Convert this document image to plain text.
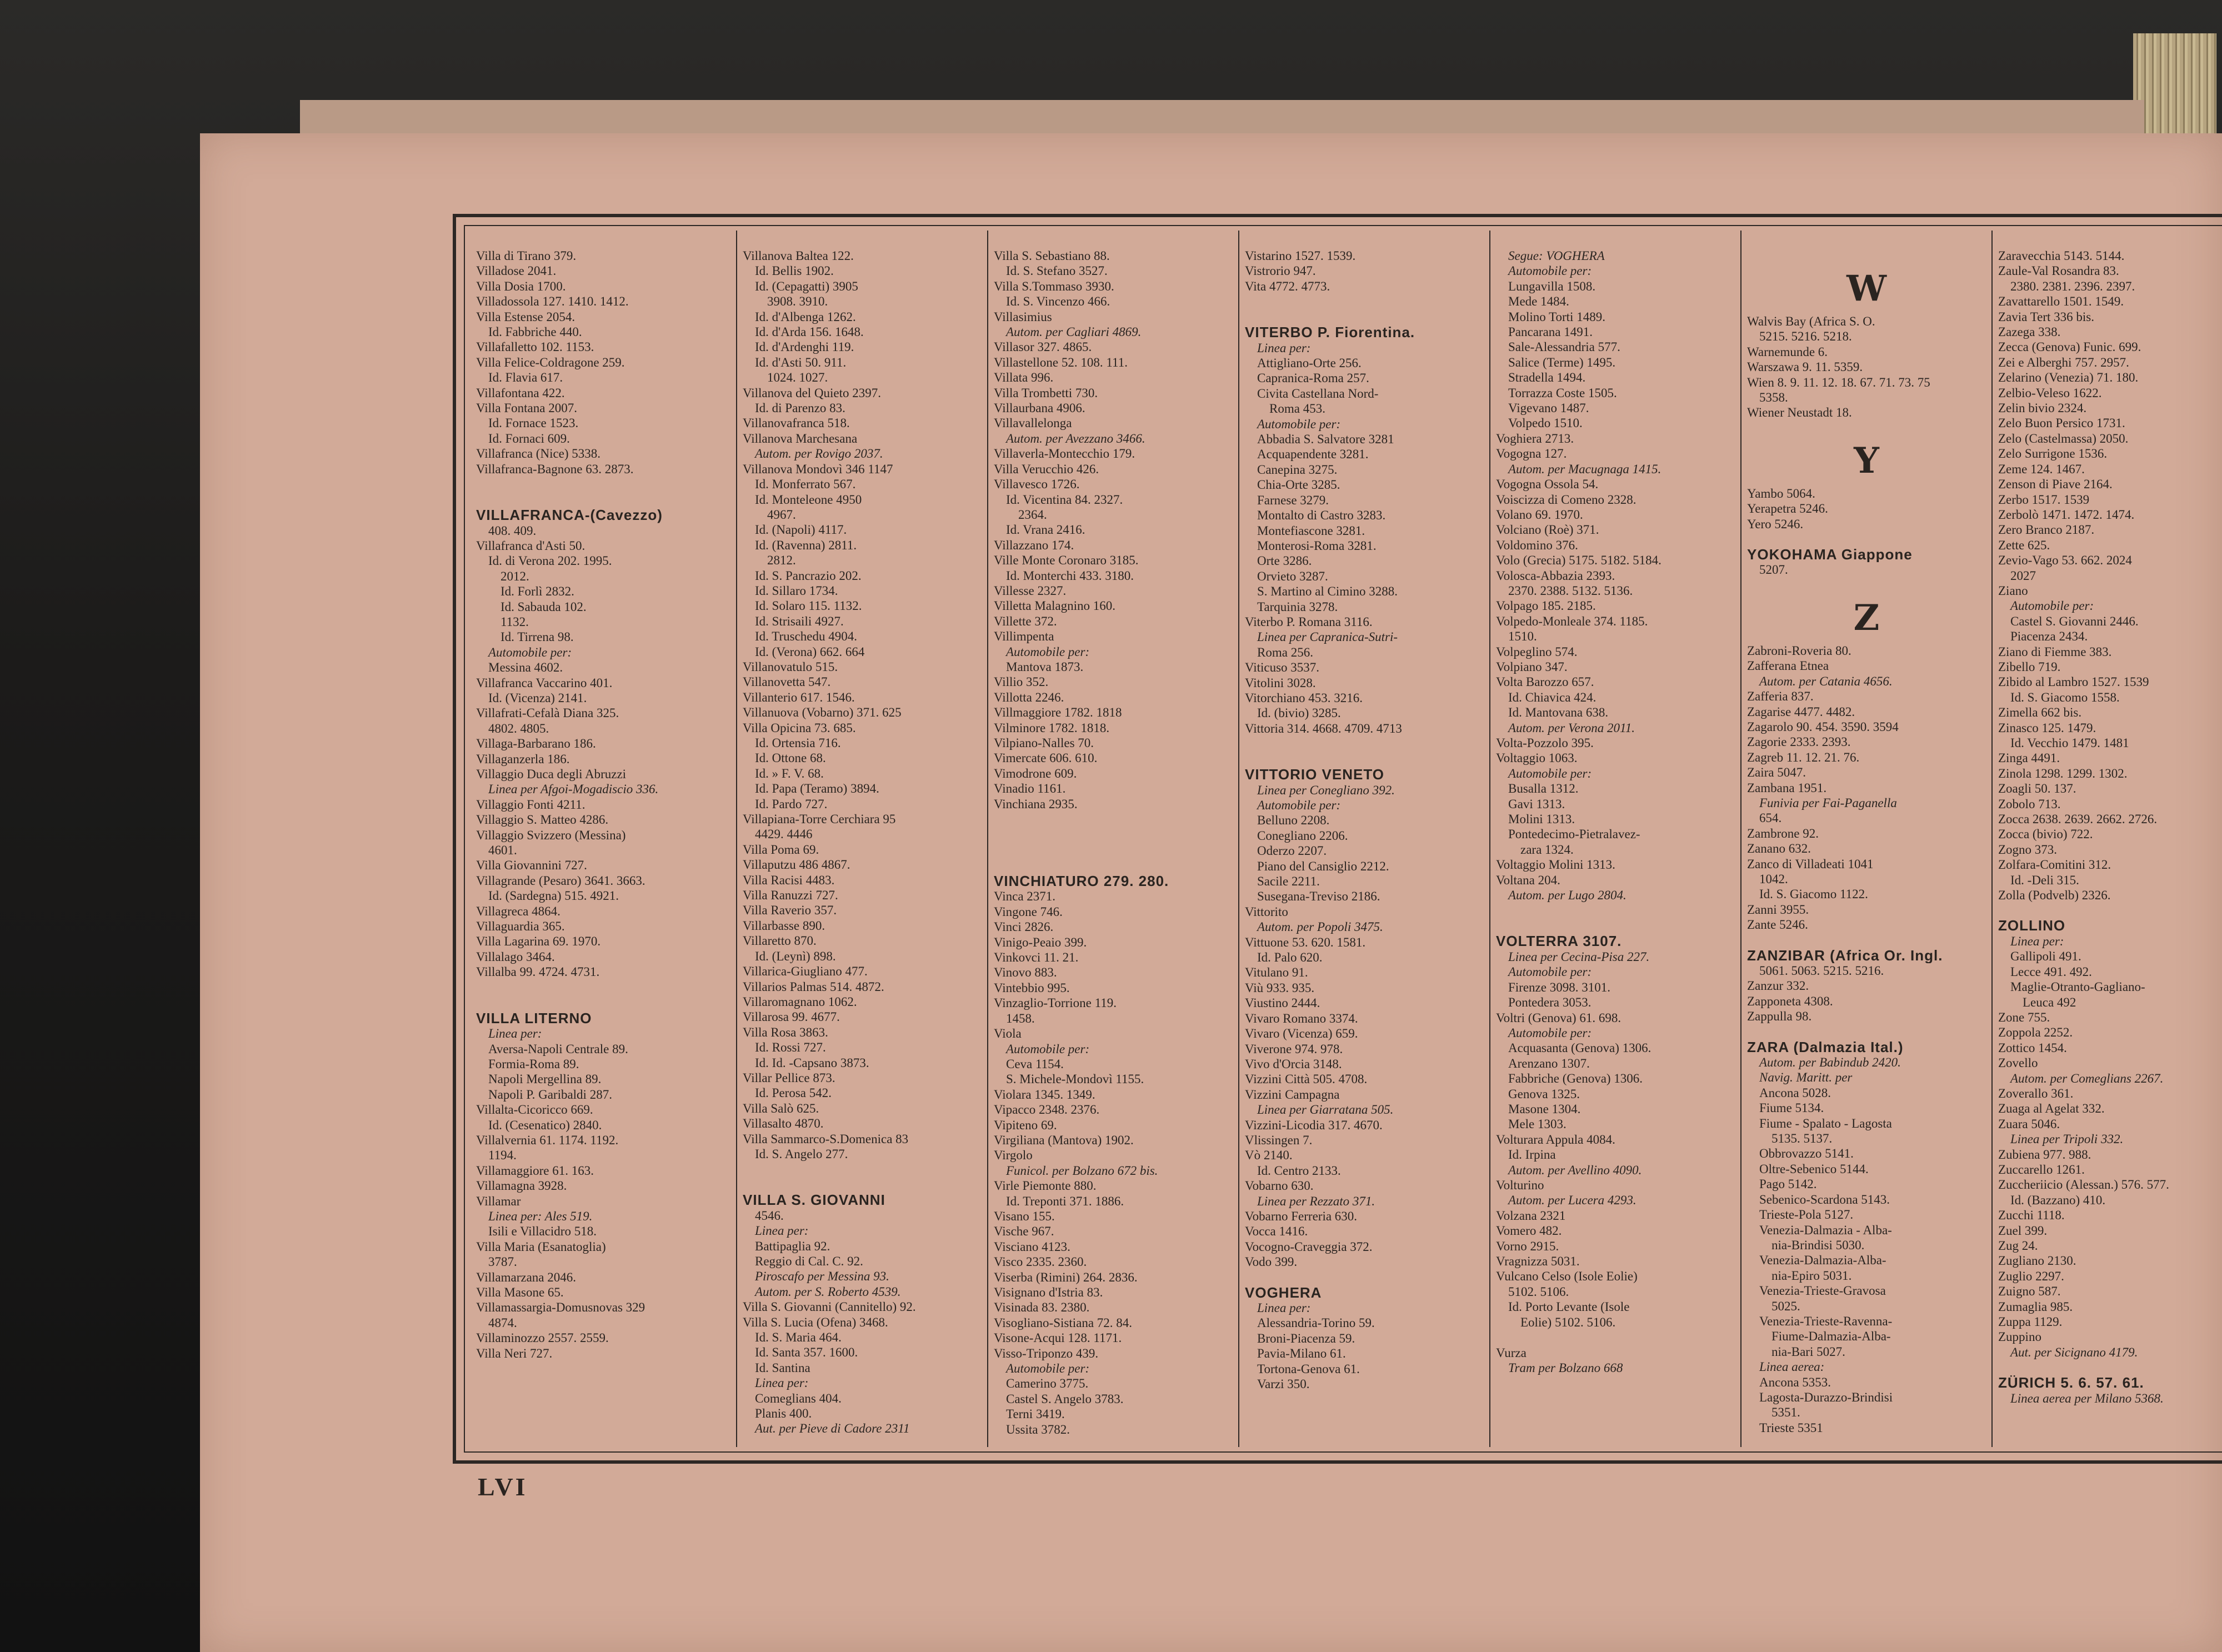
Villa di Tirano 379.
Villadose 2041.
Villa Dosia 1700.
Villadossola 127. 1410. 1412.
Villa Estense 2054.
Id. Fabbriche 440.
Villafalletto 102. 1153.
Villa Felice-Coldragone 259.
Id. Flavia 617.
Villafontana 422.
Villa Fontana 2007.
Id. Fornace 1523.
Id. Fornaci 609.
Villafranca (Nice) 5338.
Villafranca-Bagnone 63. 2873.

VILLAFRANCA-(Cavezzo)
408. 409.
Villafranca d'Asti 50.
Id. di Verona 202. 1995.
2012.
Id. Forlì 2832.
Id. Sabauda 102.
1132.
Id. Tirrena 98.
Automobile per:
Messina 4602.
Villafranca Vaccarino 401.
Id. (Vicenza) 2141.
Villafrati-Cefalà Diana 325.
4802. 4805.
Villaga-Barbarano 186.
Villaganzerla 186.
Villaggio Duca degli Abruzzi
Linea per Afgoi-Mogadiscio 336.
Villaggio Fonti 4211.
Villaggio S. Matteo 4286.
Villaggio Svizzero (Messina)
4601.
Villa Giovannini 727.
Villagrande (Pesaro) 3641. 3663.
Id. (Sardegna) 515. 4921.
Villagreca 4864.
Villaguardia 365.
Villa Lagarina 69. 1970.
Villalago 3464.
Villalba 99. 4724. 4731.

VILLA LITERNO
Linea per:
Aversa-Napoli Centrale 89.
Formia-Roma 89.
Napoli Mergellina 89.
Napoli P. Garibaldi 287.
Villalta-Cicoricco 669.
Id. (Cesenatico) 2840.
Villalvernia 61. 1174. 1192.
1194.
Villamaggiore 61. 163.
Villamagna 3928.
Villamar
Linea per: Ales 519.
Isili e Villacidro 518.
Villa Maria (Esanatoglia)
3787.
Villamarzana 2046.
Villa Masone 65.
Villamassargia-Domusnovas 329
4874.
Villaminozzo 2557. 2559.
Villa Neri 727.
Villanova Baltea 122.
Id. Bellis 1902.
Id. (Cepagatti) 3905
3908. 3910.
Id. d'Albenga 1262.
Id. d'Arda 156. 1648.
Id. d'Ardenghi 119.
Id. d'Asti 50. 911.
1024. 1027.
Villanova del Quieto 2397.
Id. di Parenzo 83.
Villanovafranca 518.
Villanova Marchesana
Autom. per Rovigo 2037.
Villanova Mondovì 346 1147
Id. Monferrato 567.
Id. Monteleone 4950
4967.
Id. (Napoli) 4117.
Id. (Ravenna) 2811.
2812.
Id. S. Pancrazio 202.
Id. Sillaro 1734.
Id. Solaro 115. 1132.
Id. Strisaili 4927.
Id. Truschedu 4904.
Id. (Verona) 662. 664
Villanovatulo 515.
Villanovetta 547.
Villanterio 617. 1546.
Villanuova (Vobarno) 371. 625
Villa Opicina 73. 685.
Id. Ortensia 716.
Id. Ottone 68.
Id. » F. V. 68.
Id. Papa (Teramo) 3894.
Id. Pardo 727.
Villapiana-Torre Cerchiara 95
4429. 4446
Villa Poma 69.
Villaputzu 486 4867.
Villa Racisi 4483.
Villa Ranuzzi 727.
Villa Raverio 357.
Villarbasse 890.
Villaretto 870.
Id. (Leynì) 898.
Villarica-Giugliano 477.
Villarios Palmas 514. 4872.
Villaromagnano 1062.
Villarosa 99. 4677.
Villa Rosa 3863.
Id. Rossi 727.
Id. Id. -Capsano 3873.
Villar Pellice 873.
Id. Perosa 542.
Villa Salò 625.
Villasalto 4870.
Villa Sammarco-S.Domenica 83
Id. S. Angelo 277.

VILLA S. GIOVANNI
4546.
Linea per:
Battipaglia 92.
Reggio di Cal. C. 92.
Piroscafo per Messina 93.
Autom. per S. Roberto 4539.
Villa S. Giovanni (Cannitello) 92.
Villa S. Lucia (Ofena) 3468.
Id. S. Maria 464.
Id. Santa 357. 1600.
Id. Santina
Linea per:
Comeglians 404.
Planis 400.
Aut. per Pieve di Cadore 2311
Villa S. Sebastiano 88.
Id. S. Stefano 3527.
Villa S.Tommaso 3930.
Id. S. Vincenzo 466.
Villasimius
Autom. per Cagliari 4869.
Villasor 327. 4865.
Villastellone 52. 108. 111.
Villata 996.
Villa Trombetti 730.
Villaurbana 4906.
Villavallelonga
Autom. per Avezzano 3466.
Villaverla-Montecchio 179.
Villa Verucchio 426.
Villavesco 1726.
Id. Vicentina 84. 2327.
2364.
Id. Vrana 2416.
Villazzano 174.
Ville Monte Coronaro 3185.
Id. Monterchi 433. 3180.
Villesse 2327.
Villetta Malagnino 160.
Villette 372.
Villimpenta
Automobile per:
Mantova 1873.
Villio 352.
Villotta 2246.
Villmaggiore 1782. 1818
Vilminore 1782. 1818.
Vilpiano-Nalles 70.
Vimercate 606. 610.
Vimodrone 609.
Vinadio 1161.
Vinchiana 2935.

VINCHIATURO 279. 280.
Vinca 2371.
Vingone 746.
Vinci 2826.
Vinigo-Peaio 399.
Vinkovci 11. 21.
Vinovo 883.
Vintebbio 995.
Vinzaglio-Torrione 119.
1458.
Viola
Automobile per:
Ceva 1154.
S. Michele-Mondovì 1155.
Violara 1345. 1349.
Vipacco 2348. 2376.
Vipiteno 69.
Virgiliana (Mantova) 1902.
Virgolo
Funicol. per Bolzano 672 bis.
Virle Piemonte 880.
Id. Treponti 371. 1886.
Visano 155.
Vische 967.
Visciano 4123.
Visco 2335. 2360.
Viserba (Rimini) 264. 2836.
Visignano d'Istria 83.
Visinada 83. 2380.
Visogliano-Sistiana 72. 84.
Visone-Acqui 128. 1171.
Visso-Triponzo 439.
Automobile per:
Camerino 3775.
Castel S. Angelo 3783.
Terni 3419.
Ussita 3782.
Vistarino 1527. 1539.
Vistrorio 947.
Vita 4772. 4773.

VITERBO P. Fiorentina.
Linea per:
Attigliano-Orte 256.
Capranica-Roma 257.
Civita Castellana Nord-
Roma 453.
Automobile per:
Abbadia S. Salvatore 3281
Acquapendente 3281.
Canepina 3275.
Chia-Orte 3285.
Farnese 3279.
Montalto di Castro 3283.
Montefiascone 3281.
Monterosi-Roma 3281.
Orte 3286.
Orvieto 3287.
S. Martino al Cimino 3288.
Tarquinia 3278.
Viterbo P. Romana 3116.
Linea per Capranica-Sutri-
Roma 256.
Viticuso 3537.
Vitolini 3028.
Vitorchiano 453. 3216.
Id. (bivio) 3285.
Vittoria 314. 4668. 4709. 4713

VITTORIO VENETO
Linea per Conegliano 392.
Automobile per:
Belluno 2208.
Conegliano 2206.
Oderzo 2207.
Piano del Cansiglio 2212.
Sacile 2211.
Susegana-Treviso 2186.
Vittorito
Autom. per Popoli 3475.
Vittuone 53. 620. 1581.
Id. Palo 620.
Vitulano 91.
Viù 933. 935.
Viustino 2444.
Vivaro Romano 3374.
Vivaro (Vicenza) 659.
Viverone 974. 978.
Vivo d'Orcia 3148.
Vizzini Città 505. 4708.
Vizzini Campagna
Linea per Giarratana 505.
Vizzini-Licodia 317. 4670.
Vlissingen 7.
Vò 2140.
Id. Centro 2133.
Vobarno 630.
Linea per Rezzato 371.
Vobarno Ferreria 630.
Vocca 1416.
Vocogno-Craveggia 372.
Vodo 399.

VOGHERA
Linea per:
Alessandria-Torino 59.
Broni-Piacenza 59.
Pavia-Milano 61.
Tortona-Genova 61.
Varzi 350.
Segue: VOGHERA
Automobile per:
Lungavilla 1508.
Mede 1484.
Molino Torti 1489.
Pancarana 1491.
Sale-Alessandria 577.
Salice (Terme) 1495.
Stradella 1494.
Torrazza Coste 1505.
Vigevano 1487.
Volpedo 1510.
Voghiera 2713.
Vogogna 127.
Autom. per Macugnaga 1415.
Vogogna Ossola 54.
Voiscizza di Comeno 2328.
Volano 69. 1970.
Volciano (Roè) 371.
Voldomino 376.
Volo (Grecia) 5175. 5182. 5184.
Volosca-Abbazia 2393.
2370. 2388. 5132. 5136.
Volpago 185. 2185.
Volpedo-Monleale 374. 1185.
1510.
Volpeglino 574.
Volpiano 347.
Volta Barozzo 657.
Id. Chiavica 424.
Id. Mantovana 638.
Autom. per Verona 2011.
Volta-Pozzolo 395.
Voltaggio 1063.
Automobile per:
Busalla 1312.
Gavi 1313.
Molini 1313.
Pontedecimo-Pietralavez-
zara 1324.
Voltaggio Molini 1313.
Voltana 204.
Autom. per Lugo 2804.

VOLTERRA 3107.
Linea per Cecina-Pisa 227.
Automobile per:
Firenze 3098. 3101.
Pontedera 3053.
Voltri (Genova) 61. 698.
Automobile per:
Acquasanta (Genova) 1306.
Arenzano 1307.
Fabbriche (Genova) 1306.
Genova 1325.
Masone 1304.
Mele 1303.
Volturara Appula 4084.
Id. Irpina
Autom. per Avellino 4090.
Volturino
Autom. per Lucera 4293.
Volzana 2321
Vomero 482.
Vorno 2915.
Vragnizza 5031.
Vulcano Celso (Isole Eolie)
5102. 5106.
Id. Porto Levante (Isole
Eolie) 5102. 5106.

Vurza
Tram per Bolzano 668

W
Walvis Bay (Africa S. O.
5215. 5216. 5218.
Warnemunde 6.
Warszawa 9. 11. 5359.
Wien 8. 9. 11. 12. 18. 67. 71. 73. 75
5358.
Wiener Neustadt 18.

Y
Yambo 5064.
Yerapetra 5246.
Yero 5246.

YOKOHAMA Giappone
5207.

Z
Zabroni-Roveria 80.
Zafferana Etnea
Autom. per Catania 4656.
Zafferia 837.
Zagarise 4477. 4482.
Zagarolo 90. 454. 3590. 3594
Zagorie 2333. 2393.
Zagreb 11. 12. 21. 76.
Zaira 5047.
Zambana 1951.
Funivia per Fai-Paganella
654.
Zambrone 92.
Zanano 632.
Zanco di Villadeati 1041
1042.
Id. S. Giacomo 1122.
Zanni 3955.
Zante 5246.

ZANZIBAR (Africa Or. Ingl.
5061. 5063. 5215. 5216.
Zanzur 332.
Zapponeta 4308.
Zappulla 98.

ZARA (Dalmazia Ital.)
Autom. per Babindub 2420.
Navig. Maritt. per
Ancona 5028.
Fiume 5134.
Fiume - Spalato - Lagosta
5135. 5137.
Obbrovazzo 5141.
Oltre-Sebenico 5144.
Pago 5142.
Sebenico-Scardona 5143.
Trieste-Pola 5127.
Venezia-Dalmazia - Alba-
nia-Brindisi 5030.
Venezia-Dalmazia-Alba-
nia-Epiro 5031.
Venezia-Trieste-Gravosa
5025.
Venezia-Trieste-Ravenna-
Fiume-Dalmazia-Alba-
nia-Bari 5027.
Linea aerea:
Ancona 5353.
Lagosta-Durazzo-Brindisi
5351.
Trieste 5351
Zaravecchia 5143. 5144.
Zaule-Val Rosandra 83.
2380. 2381. 2396. 2397.
Zavattarello 1501. 1549.
Zavia Tert 336 bis.
Zazega 338.
Zecca (Genova) Funic. 699.
Zei e Alberghi 757. 2957.
Zelarino (Venezia) 71. 180.
Zelbio-Veleso 1622.
Zelin bivio 2324.
Zelo Buon Persico 1731.
Zelo (Castelmassa) 2050.
Zelo Surrigone 1536.
Zeme 124. 1467.
Zenson di Piave 2164.
Zerbo 1517. 1539
Zerbolò 1471. 1472. 1474.
Zero Branco 2187.
Zette 625.
Zevio-Vago 53. 662. 2024
2027
Ziano
Automobile per:
Castel S. Giovanni 2446.
Piacenza 2434.
Ziano di Fiemme 383.
Zibello 719.
Zibido al Lambro 1527. 1539
Id. S. Giacomo 1558.
Zimella 662 bis.
Zinasco 125. 1479.
Id. Vecchio 1479. 1481
Zinga 4491.
Zinola 1298. 1299. 1302.
Zoagli 50. 137.
Zobolo 713.
Zocca 2638. 2639. 2662. 2726.
Zocca (bivio) 722.
Zogno 373.
Zolfara-Comitini 312.
Id. -Deli 315.
Zolla (Podvelb) 2326.

ZOLLINO
Linea per:
Gallipoli 491.
Lecce 491. 492.
Maglie-Otranto-Gagliano-
Leuca 492
Zone 755.
Zoppola 2252.
Zottico 1454.
Zovello
Autom. per Comeglians 2267.
Zoverallo 361.
Zuaga al Agelat 332.
Zuara 5046.
Linea per Tripoli 332.
Zubiena 977. 988.
Zuccarello 1261.
Zuccheriicio (Alessan.) 576. 577.
Id. (Bazzano) 410.
Zucchi 1118.
Zuel 399.
Zug 24.
Zugliano 2130.
Zuglio 2297.
Zuigno 587.
Zumaglia 985.
Zuppa 1129.
Zuppino
Aut. per Sicignano 4179.

ZÜRICH 5. 6. 57. 61.
Linea aerea per Milano 5368.
LVI
